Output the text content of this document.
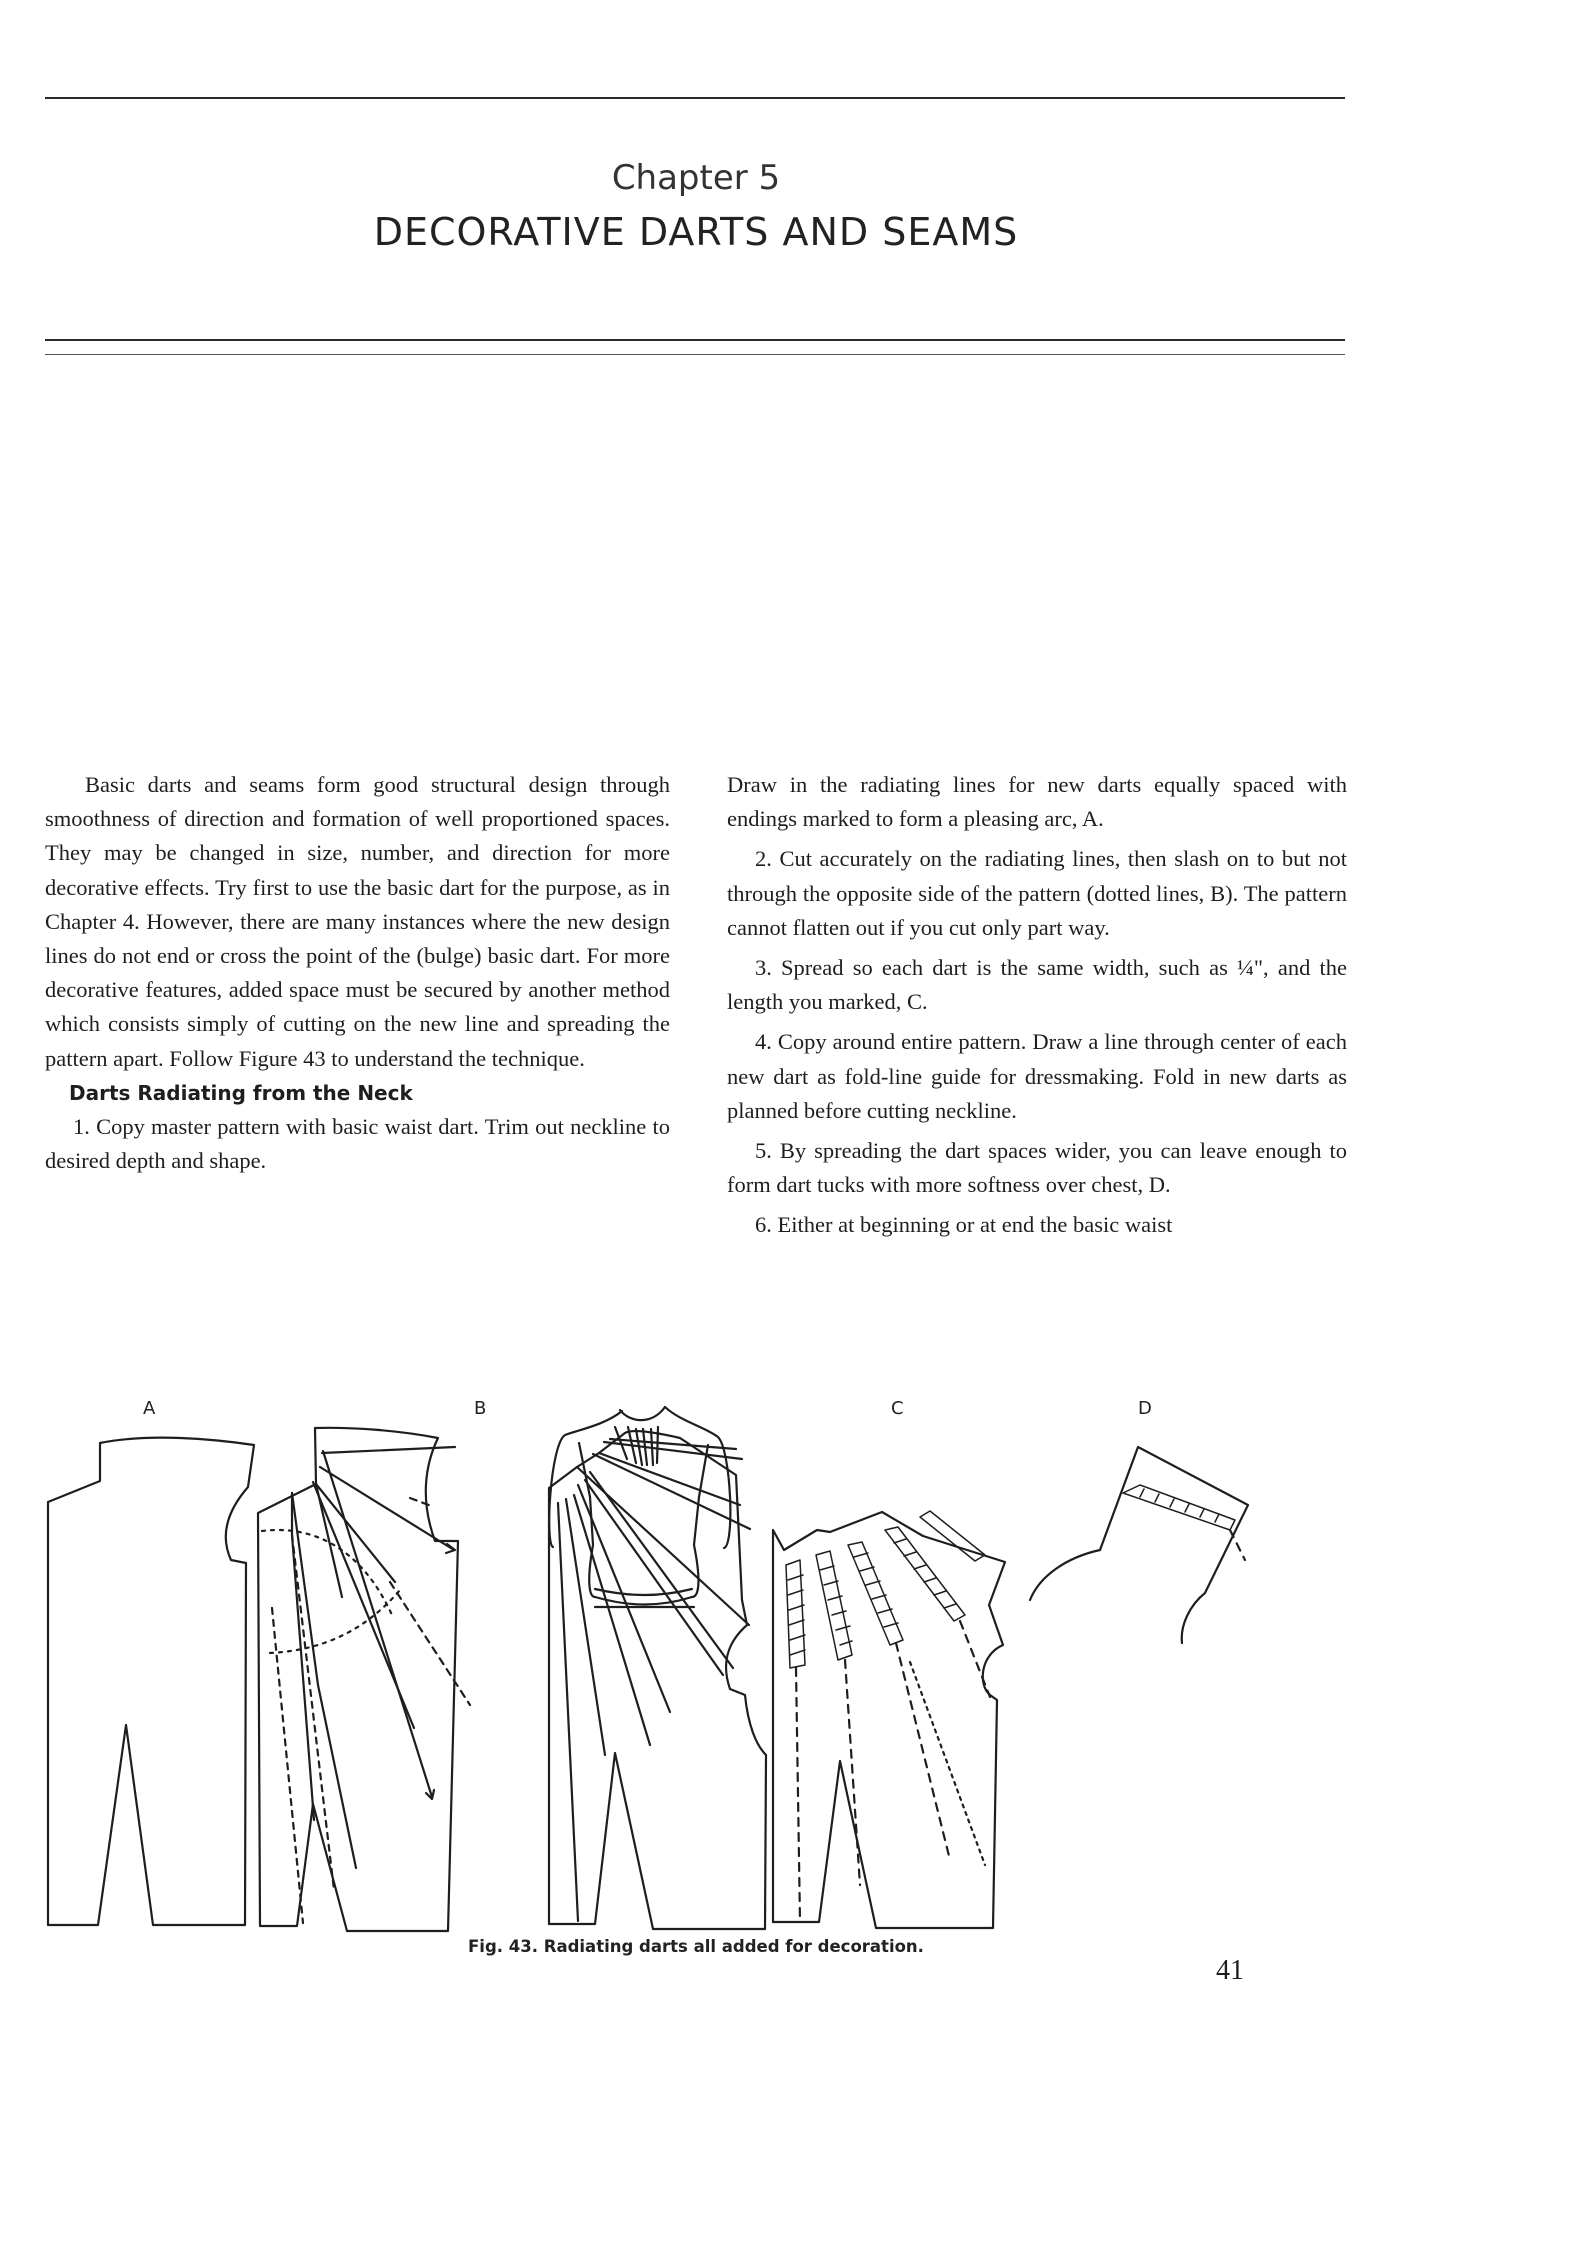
Chapter 5
DECORATIVE DARTS AND SEAMS

Basic darts and seams form good structural design through smoothness of direction and formation of well proportioned spaces. They may be changed in size, number, and direction for more decorative effects. Try first to use the basic dart for the purpose, as in Chapter 4. However, there are many instances where the new design lines do not end or cross the point of the (bulge) basic dart. For more decorative features, added space must be secured by another method which consists simply of cutting on the new line and spreading the pattern apart. Follow Figure 43 to understand the technique.

Darts Radiating from the Neck

1. Copy master pattern with basic waist dart. Trim out neckline to desired depth and shape.

Draw in the radiating lines for new darts equally spaced with endings marked to form a pleasing arc, A.

2. Cut accurately on the radiating lines, then slash on to but not through the opposite side of the pattern (dotted lines, B). The pattern cannot flatten out if you cut only part way.

3. Spread so each dart is the same width, such as ¼", and the length you marked, C.

4. Copy around entire pattern. Draw a line through center of each new dart as fold-line guide for dressmaking. Fold in new darts as planned before cutting neckline.

5. By spreading the dart spaces wider, you can leave enough to form dart tucks with more softness over chest, D.

6. Either at beginning or at end the basic waist

A	B	C	D
Fig. 43. Radiating darts all added for decoration.
41
